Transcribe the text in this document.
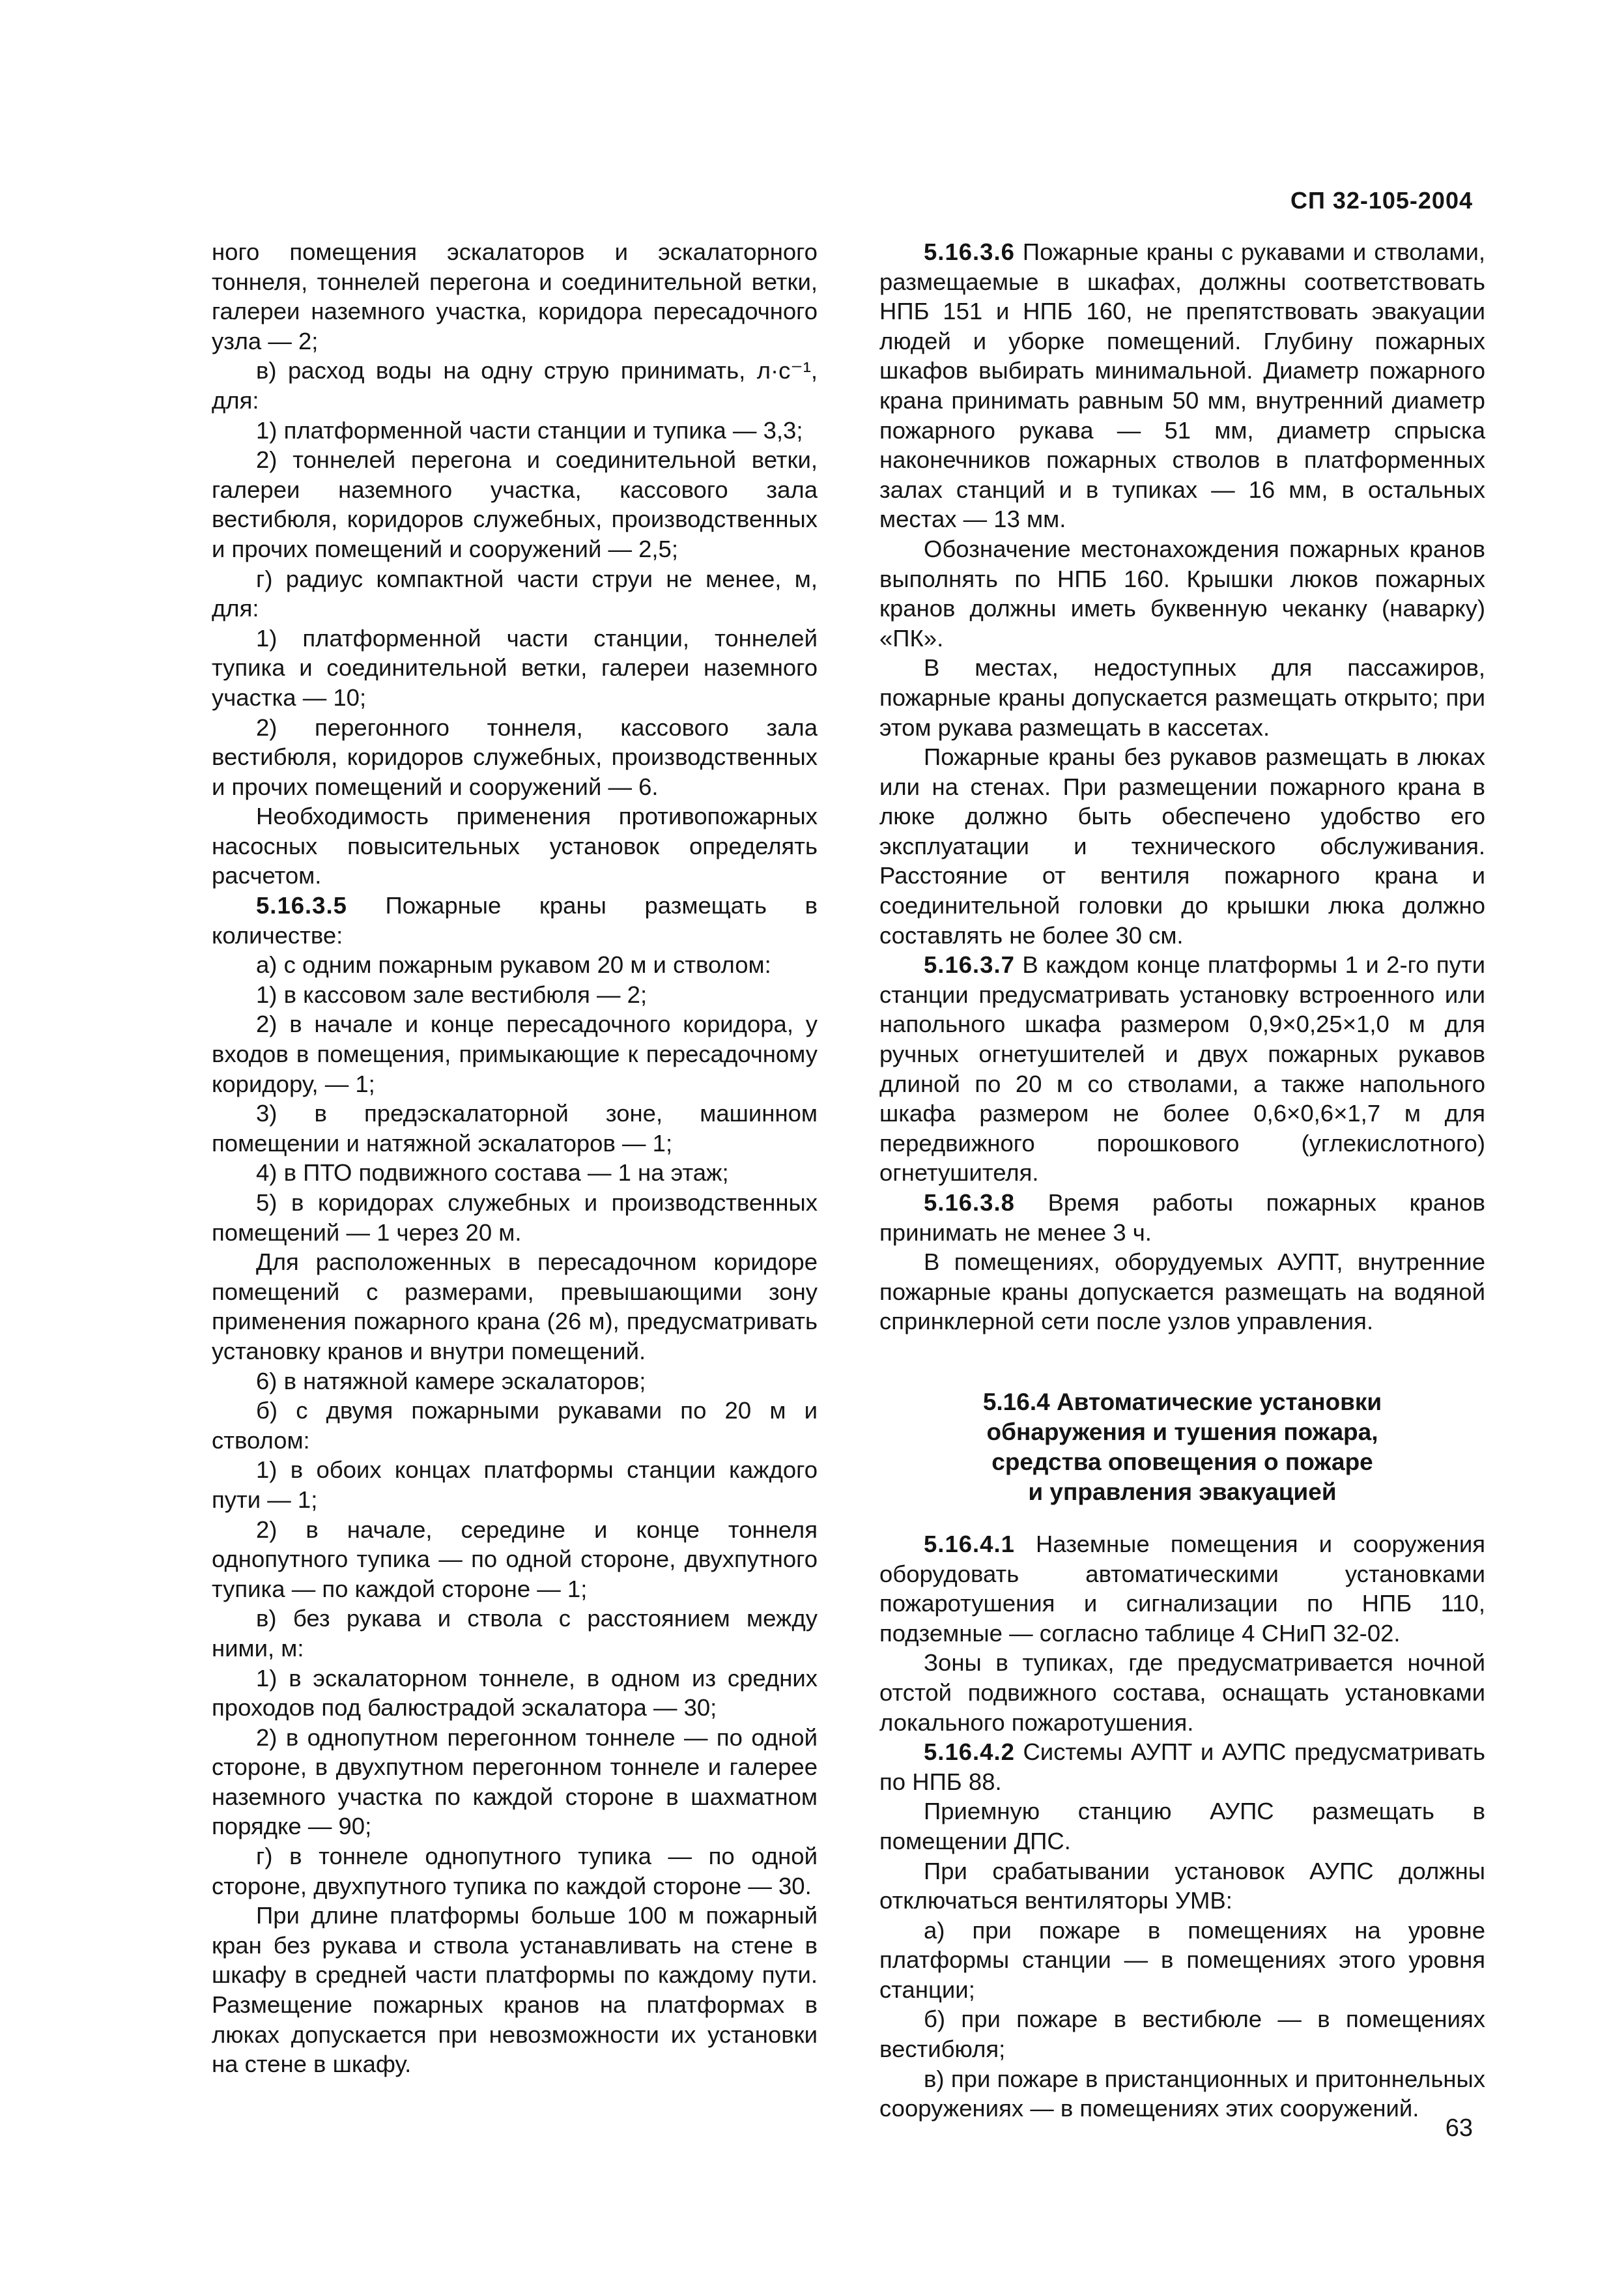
СП 32-105-2004

ного помещения эскалаторов и эскалаторного тоннеля, тоннелей перегона и соединительной ветки, галереи наземного участка, коридора пересадочного узла — 2;

в) расход воды на одну струю принимать, л·с⁻¹, для:

1) платформенной части станции и тупика — 3,3;

2) тоннелей перегона и соединительной ветки, галереи наземного участка, кассового зала вестибюля, коридоров служебных, производственных и прочих помещений и сооружений — 2,5;

г) радиус компактной части струи не менее, м, для:

1) платформенной части станции, тоннелей тупика и соединительной ветки, галереи наземного участка — 10;

2) перегонного тоннеля, кассового зала вестибюля, коридоров служебных, производственных и прочих помещений и сооружений — 6.

Необходимость применения противопожарных насосных повысительных установок определять расчетом.

5.16.3.5 Пожарные краны размещать в количестве:

а) с одним пожарным рукавом 20 м и стволом:

1) в кассовом зале вестибюля — 2;

2) в начале и конце пересадочного коридора, у входов в помещения, примыкающие к пересадочному коридору, — 1;

3) в предэскалаторной зоне, машинном помещении и натяжной эскалаторов — 1;

4) в ПТО подвижного состава — 1 на этаж;

5) в коридорах служебных и производственных помещений — 1 через 20 м.

Для расположенных в пересадочном коридоре помещений с размерами, превышающими зону применения пожарного крана (26 м), предусматривать установку кранов и внутри помещений.

6) в натяжной камере эскалаторов;

б) с двумя пожарными рукавами по 20 м и стволом:

1) в обоих концах платформы станции каждого пути — 1;

2) в начале, середине и конце тоннеля однопутного тупика — по одной стороне, двухпутного тупика — по каждой стороне — 1;

в) без рукава и ствола с расстоянием между ними, м:

1) в эскалаторном тоннеле, в одном из средних проходов под балюстрадой эскалатора — 30;

2) в однопутном перегонном тоннеле — по одной стороне, в двухпутном перегонном тоннеле и галерее наземного участка по каждой стороне в шахматном порядке — 90;

г) в тоннеле однопутного тупика — по одной стороне, двухпутного тупика по каждой стороне — 30.

При длине платформы больше 100 м пожарный кран без рукава и ствола устанавливать на стене в шкафу в средней части платформы по каждому пути. Размещение пожарных кранов на платформах в люках допускается при невозможности их установки на стене в шкафу.

5.16.3.6 Пожарные краны с рукавами и стволами, размещаемые в шкафах, должны соответствовать НПБ 151 и НПБ 160, не препятствовать эвакуации людей и уборке помещений. Глубину пожарных шкафов выбирать минимальной. Диаметр пожарного крана принимать равным 50 мм, внутренний диаметр пожарного рукава — 51 мм, диаметр спрыска наконечников пожарных стволов в платформенных залах станций и в тупиках — 16 мм, в остальных местах — 13 мм.

Обозначение местонахождения пожарных кранов выполнять по НПБ 160. Крышки люков пожарных кранов должны иметь буквенную чеканку (наварку) «ПК».

В местах, недоступных для пассажиров, пожарные краны допускается размещать открыто; при этом рукава размещать в кассетах.

Пожарные краны без рукавов размещать в люках или на стенах. При размещении пожарного крана в люке должно быть обеспечено удобство его эксплуатации и технического обслуживания. Расстояние от вентиля пожарного крана и соединительной головки до крышки люка должно составлять не более 30 см.

5.16.3.7 В каждом конце платформы 1 и 2-го пути станции предусматривать установку встроенного или напольного шкафа размером 0,9×0,25×1,0 м для ручных огнетушителей и двух пожарных рукавов длиной по 20 м со стволами, а также напольного шкафа размером не более 0,6×0,6×1,7 м для передвижного порошкового (углекислотного) огнетушителя.

5.16.3.8 Время работы пожарных кранов принимать не менее 3 ч.

В помещениях, оборудуемых АУПТ, внутренние пожарные краны допускается размещать на водяной спринклерной сети после узлов управления.

5.16.4 Автоматические установки
обнаружения и тушения пожара,
средства оповещения о пожаре
и управления эвакуацией

5.16.4.1 Наземные помещения и сооружения оборудовать автоматическими установками пожаротушения и сигнализации по НПБ 110, подземные — согласно таблице 4 СНиП 32-02.

Зоны в тупиках, где предусматривается ночной отстой подвижного состава, оснащать установками локального пожаротушения.

5.16.4.2 Системы АУПТ и АУПС предусматривать по НПБ 88.

Приемную станцию АУПС размещать в помещении ДПС.

При срабатывании установок АУПС должны отключаться вентиляторы УМВ:

а) при пожаре в помещениях на уровне платформы станции — в помещениях этого уровня станции;

б) при пожаре в вестибюле — в помещениях вестибюля;

в) при пожаре в пристанционных и притоннельных сооружениях — в помещениях этих сооружений.

63
